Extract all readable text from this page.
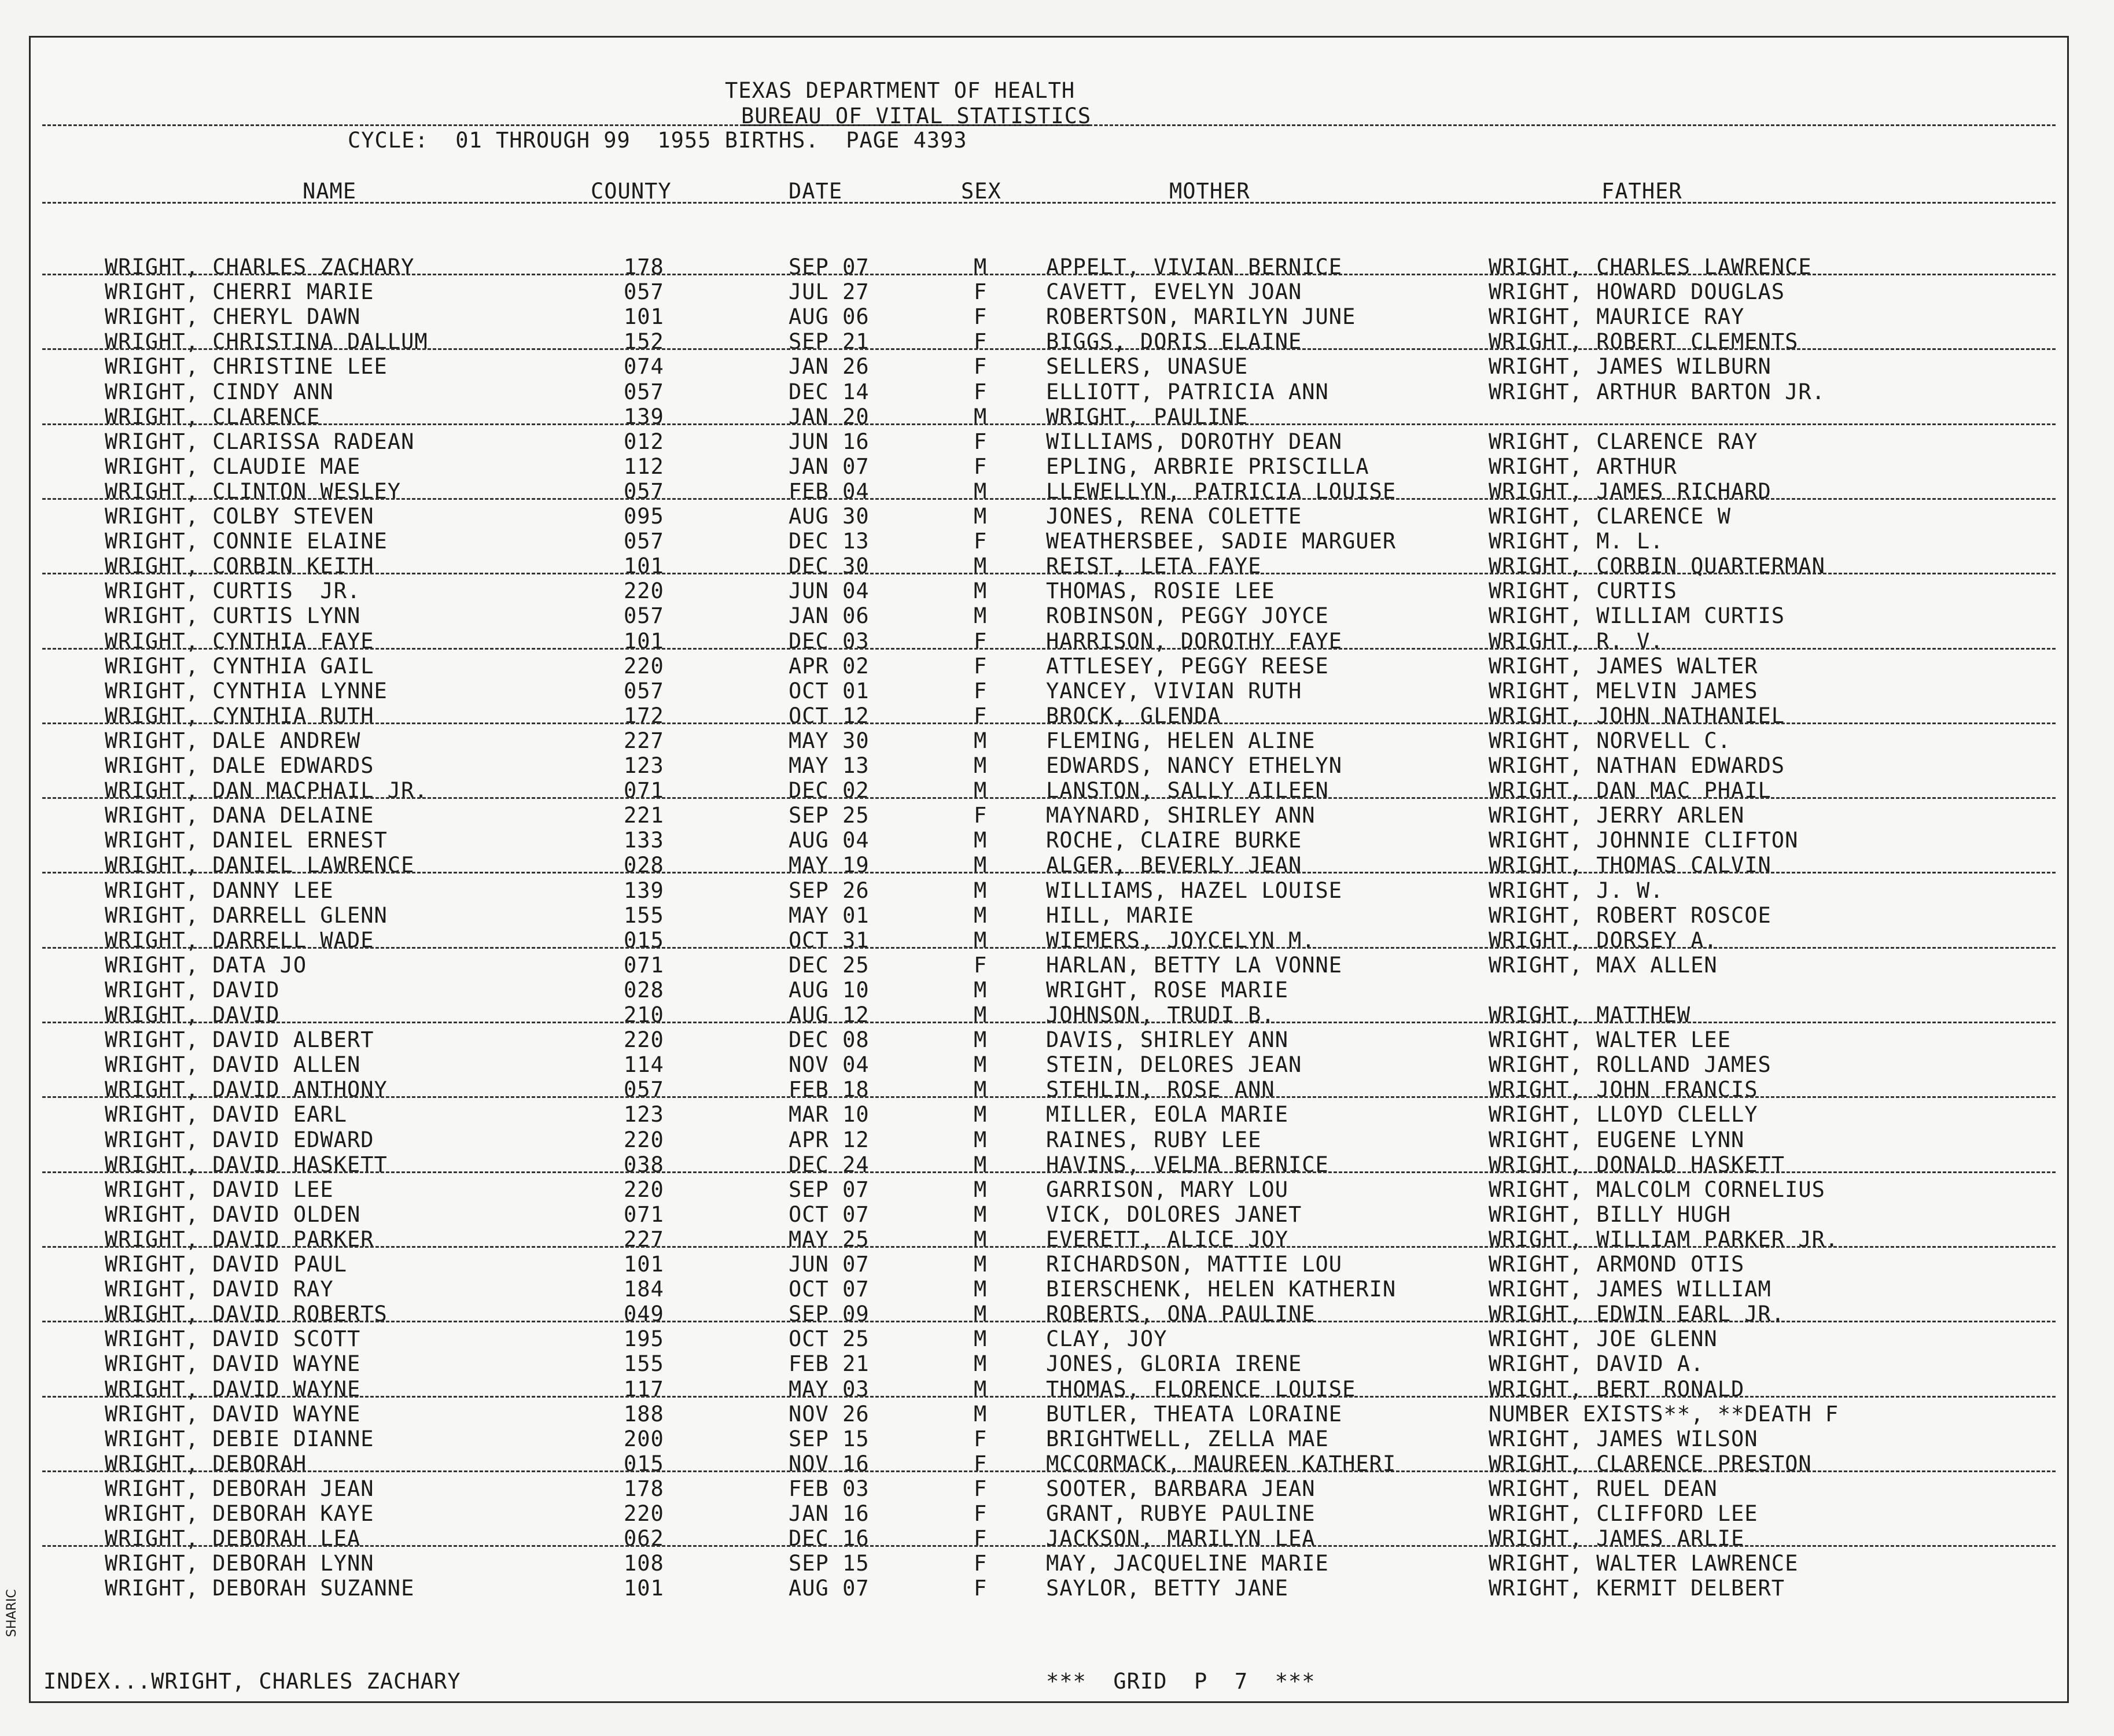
TEXAS DEPARTMENT OF HEALTH
BUREAU OF VITAL STATISTICS
CYCLE:  01 THROUGH 99  1955 BIRTHS.  PAGE 4393
NAME	COUNTY	DATE	SEX	MOTHER	FATHER
WRIGHT, CHARLES ZACHARY	178	SEP 07	M	APPELT, VIVIAN BERNICE	WRIGHT, CHARLES LAWRENCE
WRIGHT, CHERRI MARIE	057	JUL 27	F	CAVETT, EVELYN JOAN	WRIGHT, HOWARD DOUGLAS
WRIGHT, CHERYL DAWN	101	AUG 06	F	ROBERTSON, MARILYN JUNE	WRIGHT, MAURICE RAY
WRIGHT, CHRISTINA DALLUM	152	SEP 21	F	BIGGS, DORIS ELAINE	WRIGHT, ROBERT CLEMENTS
WRIGHT, CHRISTINE LEE	074	JAN 26	F	SELLERS, UNASUE	WRIGHT, JAMES WILBURN
WRIGHT, CINDY ANN	057	DEC 14	F	ELLIOTT, PATRICIA ANN	WRIGHT, ARTHUR BARTON JR.
WRIGHT, CLARENCE	139	JAN 20	M	WRIGHT, PAULINE
WRIGHT, CLARISSA RADEAN	012	JUN 16	F	WILLIAMS, DOROTHY DEAN	WRIGHT, CLARENCE RAY
WRIGHT, CLAUDIE MAE	112	JAN 07	F	EPLING, ARBRIE PRISCILLA	WRIGHT, ARTHUR
WRIGHT, CLINTON WESLEY	057	FEB 04	M	LLEWELLYN, PATRICIA LOUISE	WRIGHT, JAMES RICHARD
WRIGHT, COLBY STEVEN	095	AUG 30	M	JONES, RENA COLETTE	WRIGHT, CLARENCE W
WRIGHT, CONNIE ELAINE	057	DEC 13	F	WEATHERSBEE, SADIE MARGUER	WRIGHT, M. L.
WRIGHT, CORBIN KEITH	101	DEC 30	M	REIST, LETA FAYE	WRIGHT, CORBIN QUARTERMAN
WRIGHT, CURTIS  JR.	220	JUN 04	M	THOMAS, ROSIE LEE	WRIGHT, CURTIS
WRIGHT, CURTIS LYNN	057	JAN 06	M	ROBINSON, PEGGY JOYCE	WRIGHT, WILLIAM CURTIS
WRIGHT, CYNTHIA FAYE	101	DEC 03	F	HARRISON, DOROTHY FAYE	WRIGHT, R. V.
WRIGHT, CYNTHIA GAIL	220	APR 02	F	ATTLESEY, PEGGY REESE	WRIGHT, JAMES WALTER
WRIGHT, CYNTHIA LYNNE	057	OCT 01	F	YANCEY, VIVIAN RUTH	WRIGHT, MELVIN JAMES
WRIGHT, CYNTHIA RUTH	172	OCT 12	F	BROCK, GLENDA	WRIGHT, JOHN NATHANIEL
WRIGHT, DALE ANDREW	227	MAY 30	M	FLEMING, HELEN ALINE	WRIGHT, NORVELL C.
WRIGHT, DALE EDWARDS	123	MAY 13	M	EDWARDS, NANCY ETHELYN	WRIGHT, NATHAN EDWARDS
WRIGHT, DAN MACPHAIL JR.	071	DEC 02	M	LANSTON, SALLY AILEEN	WRIGHT, DAN MAC PHAIL
WRIGHT, DANA DELAINE	221	SEP 25	F	MAYNARD, SHIRLEY ANN	WRIGHT, JERRY ARLEN
WRIGHT, DANIEL ERNEST	133	AUG 04	M	ROCHE, CLAIRE BURKE	WRIGHT, JOHNNIE CLIFTON
WRIGHT, DANIEL LAWRENCE	028	MAY 19	M	ALGER, BEVERLY JEAN	WRIGHT, THOMAS CALVIN
WRIGHT, DANNY LEE	139	SEP 26	M	WILLIAMS, HAZEL LOUISE	WRIGHT, J. W.
WRIGHT, DARRELL GLENN	155	MAY 01	M	HILL, MARIE	WRIGHT, ROBERT ROSCOE
WRIGHT, DARRELL WADE	015	OCT 31	M	WIEMERS, JOYCELYN M.	WRIGHT, DORSEY A.
WRIGHT, DATA JO	071	DEC 25	F	HARLAN, BETTY LA VONNE	WRIGHT, MAX ALLEN
WRIGHT, DAVID	028	AUG 10	M	WRIGHT, ROSE MARIE
WRIGHT, DAVID	210	AUG 12	M	JOHNSON, TRUDI B.	WRIGHT, MATTHEW
WRIGHT, DAVID ALBERT	220	DEC 08	M	DAVIS, SHIRLEY ANN	WRIGHT, WALTER LEE
WRIGHT, DAVID ALLEN	114	NOV 04	M	STEIN, DELORES JEAN	WRIGHT, ROLLAND JAMES
WRIGHT, DAVID ANTHONY	057	FEB 18	M	STEHLIN, ROSE ANN	WRIGHT, JOHN FRANCIS
WRIGHT, DAVID EARL	123	MAR 10	M	MILLER, EOLA MARIE	WRIGHT, LLOYD CLELLY
WRIGHT, DAVID EDWARD	220	APR 12	M	RAINES, RUBY LEE	WRIGHT, EUGENE LYNN
WRIGHT, DAVID HASKETT	038	DEC 24	M	HAVINS, VELMA BERNICE	WRIGHT, DONALD HASKETT
WRIGHT, DAVID LEE	220	SEP 07	M	GARRISON, MARY LOU	WRIGHT, MALCOLM CORNELIUS
WRIGHT, DAVID OLDEN	071	OCT 07	M	VICK, DOLORES JANET	WRIGHT, BILLY HUGH
WRIGHT, DAVID PARKER	227	MAY 25	M	EVERETT, ALICE JOY	WRIGHT, WILLIAM PARKER JR.
WRIGHT, DAVID PAUL	101	JUN 07	M	RICHARDSON, MATTIE LOU	WRIGHT, ARMOND OTIS
WRIGHT, DAVID RAY	184	OCT 07	M	BIERSCHENK, HELEN KATHERIN	WRIGHT, JAMES WILLIAM
WRIGHT, DAVID ROBERTS	049	SEP 09	M	ROBERTS, ONA PAULINE	WRIGHT, EDWIN EARL JR.
WRIGHT, DAVID SCOTT	195	OCT 25	M	CLAY, JOY	WRIGHT, JOE GLENN
WRIGHT, DAVID WAYNE	155	FEB 21	M	JONES, GLORIA IRENE	WRIGHT, DAVID A.
WRIGHT, DAVID WAYNE	117	MAY 03	M	THOMAS, FLORENCE LOUISE	WRIGHT, BERT RONALD
WRIGHT, DAVID WAYNE	188	NOV 26	M	BUTLER, THEATA LORAINE	NUMBER EXISTS**, **DEATH F
WRIGHT, DEBIE DIANNE	200	SEP 15	F	BRIGHTWELL, ZELLA MAE	WRIGHT, JAMES WILSON
WRIGHT, DEBORAH	015	NOV 16	F	MCCORMACK, MAUREEN KATHERI	WRIGHT, CLARENCE PRESTON
WRIGHT, DEBORAH JEAN	178	FEB 03	F	SOOTER, BARBARA JEAN	WRIGHT, RUEL DEAN
WRIGHT, DEBORAH KAYE	220	JAN 16	F	GRANT, RUBYE PAULINE	WRIGHT, CLIFFORD LEE
WRIGHT, DEBORAH LEA	062	DEC 16	F	JACKSON, MARILYN LEA	WRIGHT, JAMES ARLIE
WRIGHT, DEBORAH LYNN	108	SEP 15	F	MAY, JACQUELINE MARIE	WRIGHT, WALTER LAWRENCE
WRIGHT, DEBORAH SUZANNE	101	AUG 07	F	SAYLOR, BETTY JANE	WRIGHT, KERMIT DELBERT
INDEX...WRIGHT, CHARLES ZACHARY	***  GRID  P  7  ***
SHARIC
